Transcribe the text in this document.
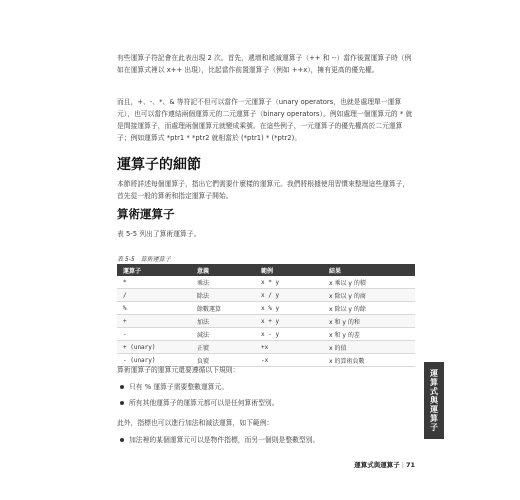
有些運算子符記會在此表出現 2 次。首先，遞增和遞減運算子（++ 和 --）當作後置運算子時（例如在運算式裡以 x++ 出現），比起當作前置運算子（例如 ++x），擁有更高的優先權。

而且，+、-、*、& 等符記不但可以當作一元運算子（unary operators，也就是處理單一運算元），也可以當作連結兩個運算元的二元運算子（binary operators）。例如處理一個運算元的 * 就是間接運算子，而處理兩個運算元就變成乘號。在這些例子，一元運算子的優先權高於二元運算子；例如運算式 *ptr1 * *ptr2 就相當於 (*ptr1) * (*ptr2)。

運算子的細節

本節將詳述每個運算子，指出它們需要什麼樣的運算元。我們將根據使用習慣來整理這些運算子，首先從一般的算術和指定運算子開始。

算術運算子

表 5-5 列出了算術運算子。

表 5-5　算術運算子

運算子	意義	範例	結果
*	乘法	x * y	x 乘以 y 的積
/	除法	x / y	x 除以 y 的商
%	餘數運算	x % y	x 除以 y 的餘
+	加法	x + y	x 和 y 的和
-	減法	x - y	x 和 y 的差
+ (unary)	正號	+x	x 的值
- (unary)	負號	-x	x 的算術負數

算術運算子的運算元還要遵循以下規則：

只有 % 運算子需要整數運算元。
所有其他運算子的運算元都可以是任何算術型別。

此外，指標也可以進行加法和減法運算，如下範例：

加法裡的某個運算元可以是物件指標，而另一個則是整數型別。
運算式與運算子
運算式與運算子 | 71
